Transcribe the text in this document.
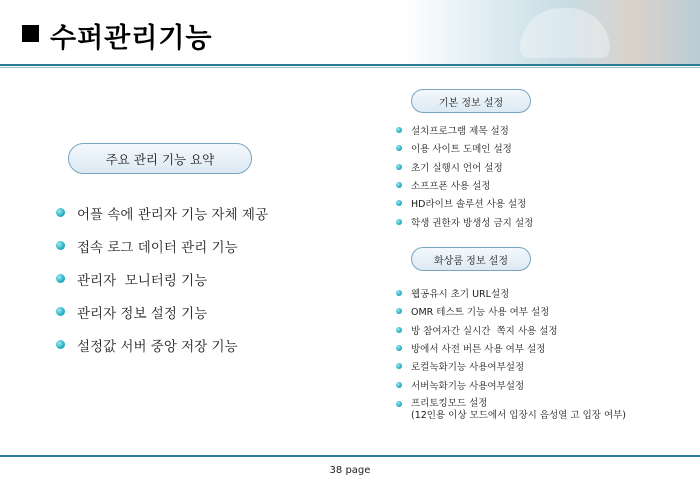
수퍼관리기능
주요 관리 기능 요약
어플 속에 관리자 기능 자체 제공
접속 로그 데이터 관리 기능
관리자  모니터링 기능
관리자 정보 설정 기능
설정값 서버 중앙 저장 기능
기본 정보 설정
설치프로그램 제목 설정
이용 사이트 도메인 설정
초기 실행시 언어 설정
소프프폰 사용 설정
HD라이브 솔루션 사용 설정
학생 권한자 방생성 금지 설정
화상룸 정보 설정
웹공유시 초기 URL설정
OMR 테스트 기능 사용 여부 설정
방 참여자간 실시간  쪽지 사용 설정
방에서 사전 버튼 사용 여부 설정
로컬녹화기능 사용여부설정
서버녹화기능 사용여부설정
프리토킹모드 설정
(12인용 이상 모드에서 입장시 음성열 고 입장 여부)
38 page
